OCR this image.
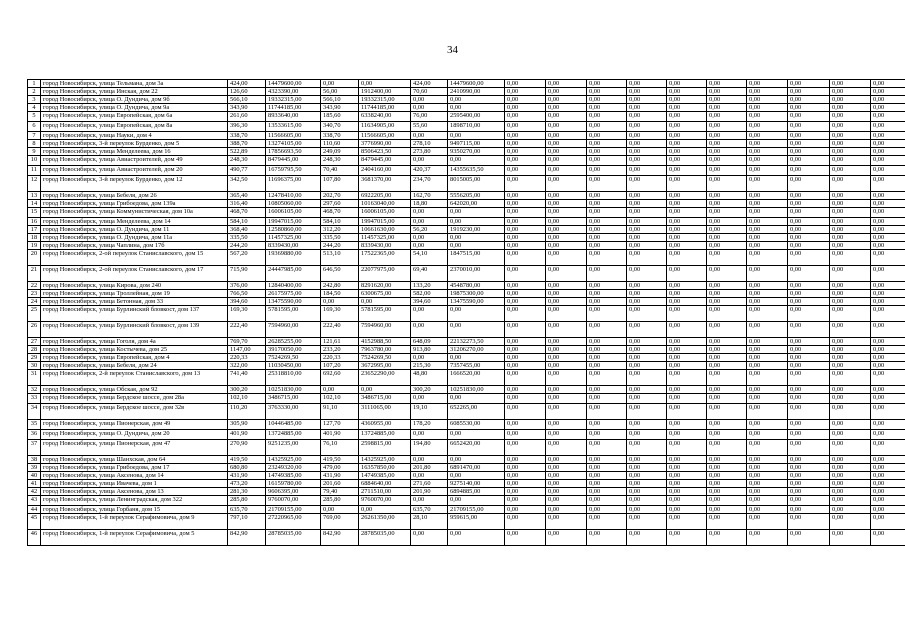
34
1	город Новосибирск, улица Тельмана, дом 3а	424,00	14479600,00	0,00	0,00	424,00	14479600,00	0,00	0,00	0,00	0,00	0,00	0,00	0,00	0,00	0,00	0,00
2	город Новосибирск, улица Инская, дом 22	126,60	4323390,00	56,00	1912400,00	70,60	2410990,00	0,00	0,00	0,00	0,00	0,00	0,00	0,00	0,00	0,00	0,00
3	город Новосибирск, улица О. Дундича, дом 9б	566,10	19332315,00	566,10	19332315,00	0,00	0,00	0,00	0,00	0,00	0,00	0,00	0,00	0,00	0,00	0,00	0,00
4	город Новосибирск, улица О. Дундича, дом 9а	343,90	11744185,00	343,90	11744185,00	0,00	0,00	0,00	0,00	0,00	0,00	0,00	0,00	0,00	0,00	0,00	0,00
5	город Новосибирск, улица Европейская, дом 6а	261,60	8933640,00	185,60	6338240,00	76,00	2595400,00	0,00	0,00	0,00	0,00	0,00	0,00	0,00	0,00	0,00	0,00
6	город Новосибирск, улица Европейская, дом 8а	396,30	13533615,00	340,70	11634905,00	55,60	1898710,00	0,00	0,00	0,00	0,00	0,00	0,00	0,00	0,00	0,00	0,00
7	город Новосибирск, улица Науки, дом 4	338,70	11566605,00	338,70	11566605,00	0,00	0,00	0,00	0,00	0,00	0,00	0,00	0,00	0,00	0,00	0,00	0,00
8	город Новосибирск, 3-й переулок Бурденко, дом 5	388,70	13274105,00	110,60	3776990,00	278,10	9497115,00	0,00	0,00	0,00	0,00	0,00	0,00	0,00	0,00	0,00	0,00
9	город Новосибирск, улица Менделеева, дом 16	522,89	17856693,50	249,09	8506423,50	273,80	9350270,00	0,00	0,00	0,00	0,00	0,00	0,00	0,00	0,00	0,00	0,00
10	город Новосибирск, улица Авиастроителей, дом 49	248,30	8479445,00	248,30	8479445,00	0,00	0,00	0,00	0,00	0,00	0,00	0,00	0,00	0,00	0,00	0,00	0,00
11	город Новосибирск, улица Авиастроителей, дом 20	490,77	16759795,50	70,40	2404160,00	420,37	14355635,50	0,00	0,00	0,00	0,00	0,00	0,00	0,00	0,00	0,00	0,00
12	город Новосибирск, 3-й переулок Бурденко, дом 12	342,50	11696375,00	107,80	3681370,00	234,70	8015005,00	0,00	0,00	0,00	0,00	0,00	0,00	0,00	0,00	0,00	0,00
13	город Новосибирск, улица Бебеля, дом 26	365,40	12478410,00	202,70	6922205,00	162,70	5556205,00	0,00	0,00	0,00	0,00	0,00	0,00	0,00	0,00	0,00	0,00
14	город Новосибирск, улица Грибоедова, дом 139а	316,40	10805060,00	297,60	10163040,00	18,80	642020,00	0,00	0,00	0,00	0,00	0,00	0,00	0,00	0,00	0,00	0,00
15	город Новосибирск, улица Коммунистическая, дом 10а	468,70	16006105,00	468,70	16006105,00	0,00	0,00	0,00	0,00	0,00	0,00	0,00	0,00	0,00	0,00	0,00	0,00
16	город Новосибирск, улица Менделеева, дом 14	584,10	19947015,00	584,10	19947015,00	0,00	0,00	0,00	0,00	0,00	0,00	0,00	0,00	0,00	0,00	0,00	0,00
17	город Новосибирск, улица О. Дундича, дом 11	368,40	12580860,00	312,20	10661630,00	56,20	1919230,00	0,00	0,00	0,00	0,00	0,00	0,00	0,00	0,00	0,00	0,00
18	город Новосибирск, улица О. Дундича, дом 11а	335,50	11457325,00	335,50	11457325,00	0,00	0,00	0,00	0,00	0,00	0,00	0,00	0,00	0,00	0,00	0,00	0,00
19	город Новосибирск, улица Чаплина, дом 17б	244,20	8339430,00	244,20	8339430,00	0,00	0,00	0,00	0,00	0,00	0,00	0,00	0,00	0,00	0,00	0,00	0,00
20	город Новосибирск, 2-ой переулок Станиславского, дом 15	567,20	19369880,00	513,10	17522365,00	54,10	1847515,00	0,00	0,00	0,00	0,00	0,00	0,00	0,00	0,00	0,00	0,00
21	город Новосибирск, 2-ой переулок Станиславского, дом 17	715,90	24447985,00	646,50	22077975,00	69,40	2370010,00	0,00	0,00	0,00	0,00	0,00	0,00	0,00	0,00	0,00	0,00
22	город Новосибирск, улица Кирова, дом 240	376,00	12840400,00	242,80	8291620,00	133,20	4548780,00	0,00	0,00	0,00	0,00	0,00	0,00	0,00	0,00	0,00	0,00
23	город Новосибирск, улица Троллейная, дом 19	766,50	26175975,00	184,50	6300675,00	582,00	19875300,00	0,00	0,00	0,00	0,00	0,00	0,00	0,00	0,00	0,00	0,00
24	город Новосибирск, улица Бетонная, дом 33	394,60	13475590,00	0,00	0,00	394,60	13475590,00	0,00	0,00	0,00	0,00	0,00	0,00	0,00	0,00	0,00	0,00
25	город Новосибирск, улица Бурлинский бловкост, дом 137	169,30	5781595,00	169,30	5781595,00	0,00	0,00	0,00	0,00	0,00	0,00	0,00	0,00	0,00	0,00	0,00	0,00
26	город Новосибирск, улица Бурлинский бловкост, дом 139	222,40	7594960,00	222,40	7594960,00	0,00	0,00	0,00	0,00	0,00	0,00	0,00	0,00	0,00	0,00	0,00	0,00
27	город Новосибирск, улица Гоголя, дом 4а	769,70	26285255,00	121,61	4152988,50	648,09	22132273,50	0,00	0,00	0,00	0,00	0,00	0,00	0,00	0,00	0,00	0,00
28	город Новосибирск, улица Костычева, дом 25	1147,00	39170050,00	233,20	7963780,00	913,80	31206270,00	0,00	0,00	0,00	0,00	0,00	0,00	0,00	0,00	0,00	0,00
29	город Новосибирск, улица Европейская, дом 4	220,33	7524269,50	220,33	7524269,50	0,00	0,00	0,00	0,00	0,00	0,00	0,00	0,00	0,00	0,00	0,00	0,00
30	город Новосибирск, улица Бебеля, дом 24	322,00	11030450,00	107,20	3672995,00	215,30	7357455,00	0,00	0,00	0,00	0,00	0,00	0,00	0,00	0,00	0,00	0,00
31	город Новосибирск, 2-й переулок Станиславского, дом 13	741,40	25318810,00	692,60	23652290,00	48,80	1666520,00	0,00	0,00	0,00	0,00	0,00	0,00	0,00	0,00	0,00	0,00
32	город Новосибирск, улица Обская, дом 92	300,20	10251830,00	0,00	0,00	300,20	10251830,00	0,00	0,00	0,00	0,00	0,00	0,00	0,00	0,00	0,00	0,00
33	город Новосибирск, улица Бердское шоссе, дом 28а	102,10	3486715,00	102,10	3486715,00	0,00	0,00	0,00	0,00	0,00	0,00	0,00	0,00	0,00	0,00	0,00	0,00
34	город Новосибирск, улица Бердское шоссе, дом 32в	110,20	3763330,00	91,10	3111065,00	19,10	652265,00	0,00	0,00	0,00	0,00	0,00	0,00	0,00	0,00	0,00	0,00
35	город Новосибирск, улица Пионерская, дом 49	305,90	10446485,00	127,70	4360955,00	178,20	6085530,00	0,00	0,00	0,00	0,00	0,00	0,00	0,00	0,00	0,00	0,00
36	город Новосибирск, улица О. Дундича, дом 20	401,90	13724885,00	401,90	13724885,00	0,00	0,00	0,00	0,00	0,00	0,00	0,00	0,00	0,00	0,00	0,00	0,00
37	город Новосибирск, улица Пионерская, дом 47	270,90	9251235,00	76,10	2598815,00	194,80	6652420,00	0,00	0,00	0,00	0,00	0,00	0,00	0,00	0,00	0,00	0,00
38	город Новосибирск, улица Шанхская, дом 64	419,50	14325925,00	419,50	14325925,00	0,00	0,00	0,00	0,00	0,00	0,00	0,00	0,00	0,00	0,00	0,00	0,00
39	город Новосибирск, улица Грибоедова, дом 17	680,80	23249320,00	479,00	16357850,00	201,80	6891470,00	0,00	0,00	0,00	0,00	0,00	0,00	0,00	0,00	0,00	0,00
40	город Новосибирск, улица Аксенова, дом 14	431,90	14749385,00	431,90	14749385,00	0,00	0,00	0,00	0,00	0,00	0,00	0,00	0,00	0,00	0,00	0,00	0,00
41	город Новосибирск, улица Ивачева, дом 1	473,20	16159780,00	201,60	6884640,00	271,60	9275140,00	0,00	0,00	0,00	0,00	0,00	0,00	0,00	0,00	0,00	0,00
42	город Новосибирск, улица Аксенова, дом 13	281,30	9606395,00	79,40	2711510,00	201,90	6894885,00	0,00	0,00	0,00	0,00	0,00	0,00	0,00	0,00	0,00	0,00
43	город Новосибирск, улица Ленинградская, дом 322	285,80	9760070,00	285,80	9760070,00	0,00	0,00	0,00	0,00	0,00	0,00	0,00	0,00	0,00	0,00	0,00	0,00
44	город Новосибирск, улица Горбаня, дом 15	635,70	21709155,00	0,00	0,00	635,70	21709155,00	0,00	0,00	0,00	0,00	0,00	0,00	0,00	0,00	0,00	0,00
45	город Новосибирск, 1-й переулок Серафимовича, дом 9	797,10	27220965,00	769,00	26261350,00	28,10	959615,00	0,00	0,00	0,00	0,00	0,00	0,00	0,00	0,00	0,00	0,00
46	город Новосибирск, 1-й переулок Серафимовича, дом 5	842,90	28785035,00	842,90	28785035,00	0,00	0,00	0,00	0,00	0,00	0,00	0,00	0,00	0,00	0,00	0,00	0,00
